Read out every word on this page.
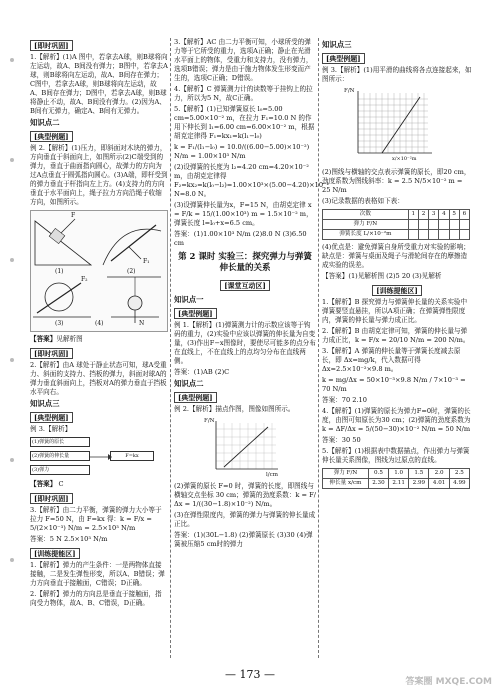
[即时巩固]

1.【解析】(1)A 图中，若拿去A球，则B球将向左运动，故A、B间没有弹力；B图中，若拿去A球，则B球将向左运动，故A、B间存在弹力；C图中，若拿去A球，则B球将向左运动，故A、B间存在弹力；D图中，若拿去A球，则B球将静止不动，故A、B间没有弹力。(2)因为A、B间有无弹力，确定A、B间有无弹力。

知识点二
[典型例题]

例 2.【解析】(1)压力，即斜面对木块的弹力，方向垂直于斜面向上，如图所示(2)C端受到的弹力，垂直于曲面指向圆心，故弹力的方向为过A点垂直于圆弧指向圆心。(3)A端，即杆受到的弹力垂直于杆指向左上方。(4)支持力的方向垂直于水平面向上，绳子拉力方向沿绳子收缩方向，如图所示。

F
F₁
F₂
N
(1)	(2)
(3)	(4)

【答案】见解析图

[即时巩固]

2.【解析】由A 球处于静止状态可知，球A受重力、斜面的支持力、挡板的弹力，斜面对球A的弹力垂直斜面向上，挡板对A的弹力垂直于挡板水平向右。

知识点三
[典型例题]

例 3.【解析】

(1)弹簧的原长
(2)弹簧的伸长量
(3)弹力
F=kx

【答案】 C

[即时巩固]

3.【解析】由二力平衡，弹簧的弹力大小等于拉力 F=50 N，由 F=kx 得：k = F/x = 5/(2×10⁻³) N/m = 2.5×10³ N/m

答案：5 N 2.5×10³ N/m

[训练提能区]

1.【解析】弹力的产生条件：一是两物体直接接触，二是发生弹性形变，所以A、B错误；弹力方向垂直于接触面，C错误；D正确。

2.【解析】弹力的方向总是垂直于接触面，指向受力物体，故A、B、C错误，D正确。

3.【解析】AC 由二力平衡可知，小球所受的弹力等于它所受的重力，选项A正确；静止在光滑水平面上的物体，受重力和支持力，没有弹力，选项B错误；弹力是由于施力物体发生形变而产生的，选项C正确；D错误。

4.【解析】C 弹簧测力计的读数等于挂钩上的拉力，所以为5 N，故C正确。

5.【解析】(1)已知弹簧原长 l₀=5.00 cm=5.00×10⁻² m，在拉力 F₁=10.0 N 的作用下伸长到 l₁=6.00 cm=6.00×10⁻² m，根据胡克定律得 F₁=kx₁=k(l₁−l₀)

k = F₁/(l₁−l₀) = 10.0/((6.00−5.00)×10⁻²) N/m = 1.00×10³ N/m

(2)设弹簧的长度为 l₂=4.20 cm=4.20×10⁻² m，由胡克定律得 F₂=kx₂=k(l₀−l₂)=1.00×10³×(5.00−4.20)×10⁻² N=8.0 N。

(3)设弹簧伸长量为x，F=15 N，由胡克定律 x = F/k = 15/(1.00×10³) m = 1.5×10⁻² m，弹簧长度 l=l₀+x=6.5 cm。

答案：(1)1.00×10³ N/m (2)8.0 N (3)6.50 cm

第 2 课时 实验三：探究弹力与弹簧伸长量的关系
[课堂互动区]
知识点一
[典型例题]

例 1.【解析】(1)弹簧测力计的示数应该等于钩码的重力，(2)实验中应该以弹簧的伸长量为自变量，(3)作出F−x图像时，要使尽可能多的点分布在直线上，不在直线上的点均匀分布在直线两侧。

答案：(1)AB (2)C

知识点二
[典型例题]

例 2.【解析】描点作图，图像如图所示。

F/N
l/cm

(2)弹簧的原长 F=0 时，弹簧的长度，即图线与横轴交点坐标 30 cm；弹簧的劲度系数：k = F/Δx = 1/((30−1.8)×10⁻²) N/m。

(3)在弹性限度内，弹簧的弹力与弹簧的伸长量成正比。

答案：(1)(30L−1.8) (2)弹簧原长 (3)30 (4)弹簧被压缩5 cm时的弹力

知识点三
[典型例题]

例 3.【解析】(1)用平滑的曲线将各点连接起来，如图所示：

F/N
x/×10⁻²m

(2)图线与横轴的交点表示弹簧的原长，即20 cm，劲度系数为图线斜率：k = 2.5 N/5×10⁻² m = 25 N/m

(3)记录数据的表格如下表：

次数	1	2	3	4	5	6
弹力 F/N						
弹簧长度 L/×10⁻²m						

(4)优点是：避免弹簧自身所受重力对实验的影响；缺点是：弹簧与桌面及绳子与滑轮间存在的摩擦造成实验的误差。

【答案】(1)见解析图 (2)5 20 (3)见解析

[训练提能区]

1.【解析】B 探究弹力与弹簧伸长量的关系实验中弹簧要竖直悬挂，所以A项正确；在弹簧弹性限度内，弹簧的伸长量与弹力成正比。

2.【解析】B 由胡克定律可知，弹簧的伸长量与弹力成正比，k = F/x = 20/10 N/m = 200 N/m。

3.【解析】A 弹簧的伸长量等于弹簧长度减去原长，即 Δx=mg/k，代入数据可得 Δx=2.5×10⁻²×9.8 m。

k = mg/Δx = 50×10⁻³×9.8 N/m / 7×10⁻³ = 70 N/m

答案：70 2.10

4.【解析】(1)弹簧的原长为弹力F=0时，弹簧的长度，由图可知原长为30 cm；(2)弹簧的劲度系数为 k = ΔF/Δx = 5/(50−30)×10⁻² N/m = 50 N/m

答案：30 50

5.【解析】(1)根据表中数据描点，作出弹力与弹簧伸长量关系图像，图线为过原点的直线。

弹力 F/N	0.5	1.0	1.5	2.0	2.5
伸长量 x/cm	2.30	2.11	2.99	4.01	4.99
— 173 —
答案圈 MXQE.COM
